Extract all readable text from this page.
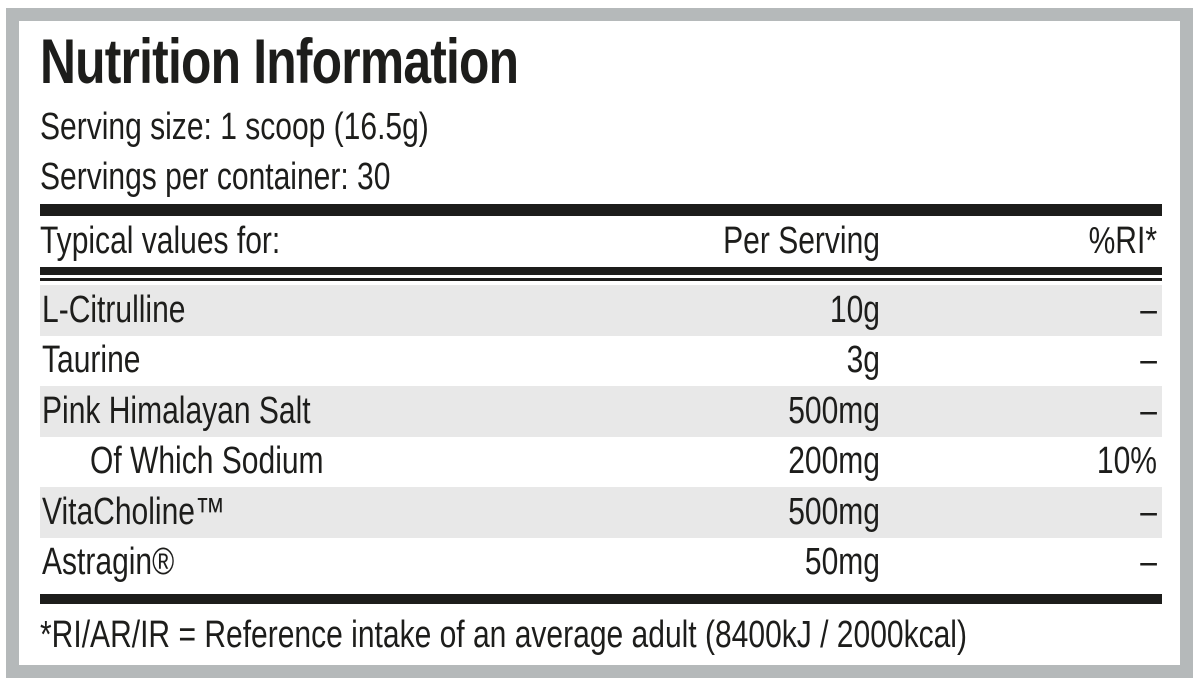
Nutrition Information
Serving size: 1 scoop (16.5g)
Servings per container: 30
Typical values for:	Per Serving	%RI*
L-Citrulline	10g	–
Taurine	3g	–
Pink Himalayan Salt	500mg	–
Of Which Sodium	200mg	10%
VitaCholine™	500mg	–
Astragin®	50mg	–
*RI/AR/IR = Reference intake of an average adult (8400kJ / 2000kcal)
